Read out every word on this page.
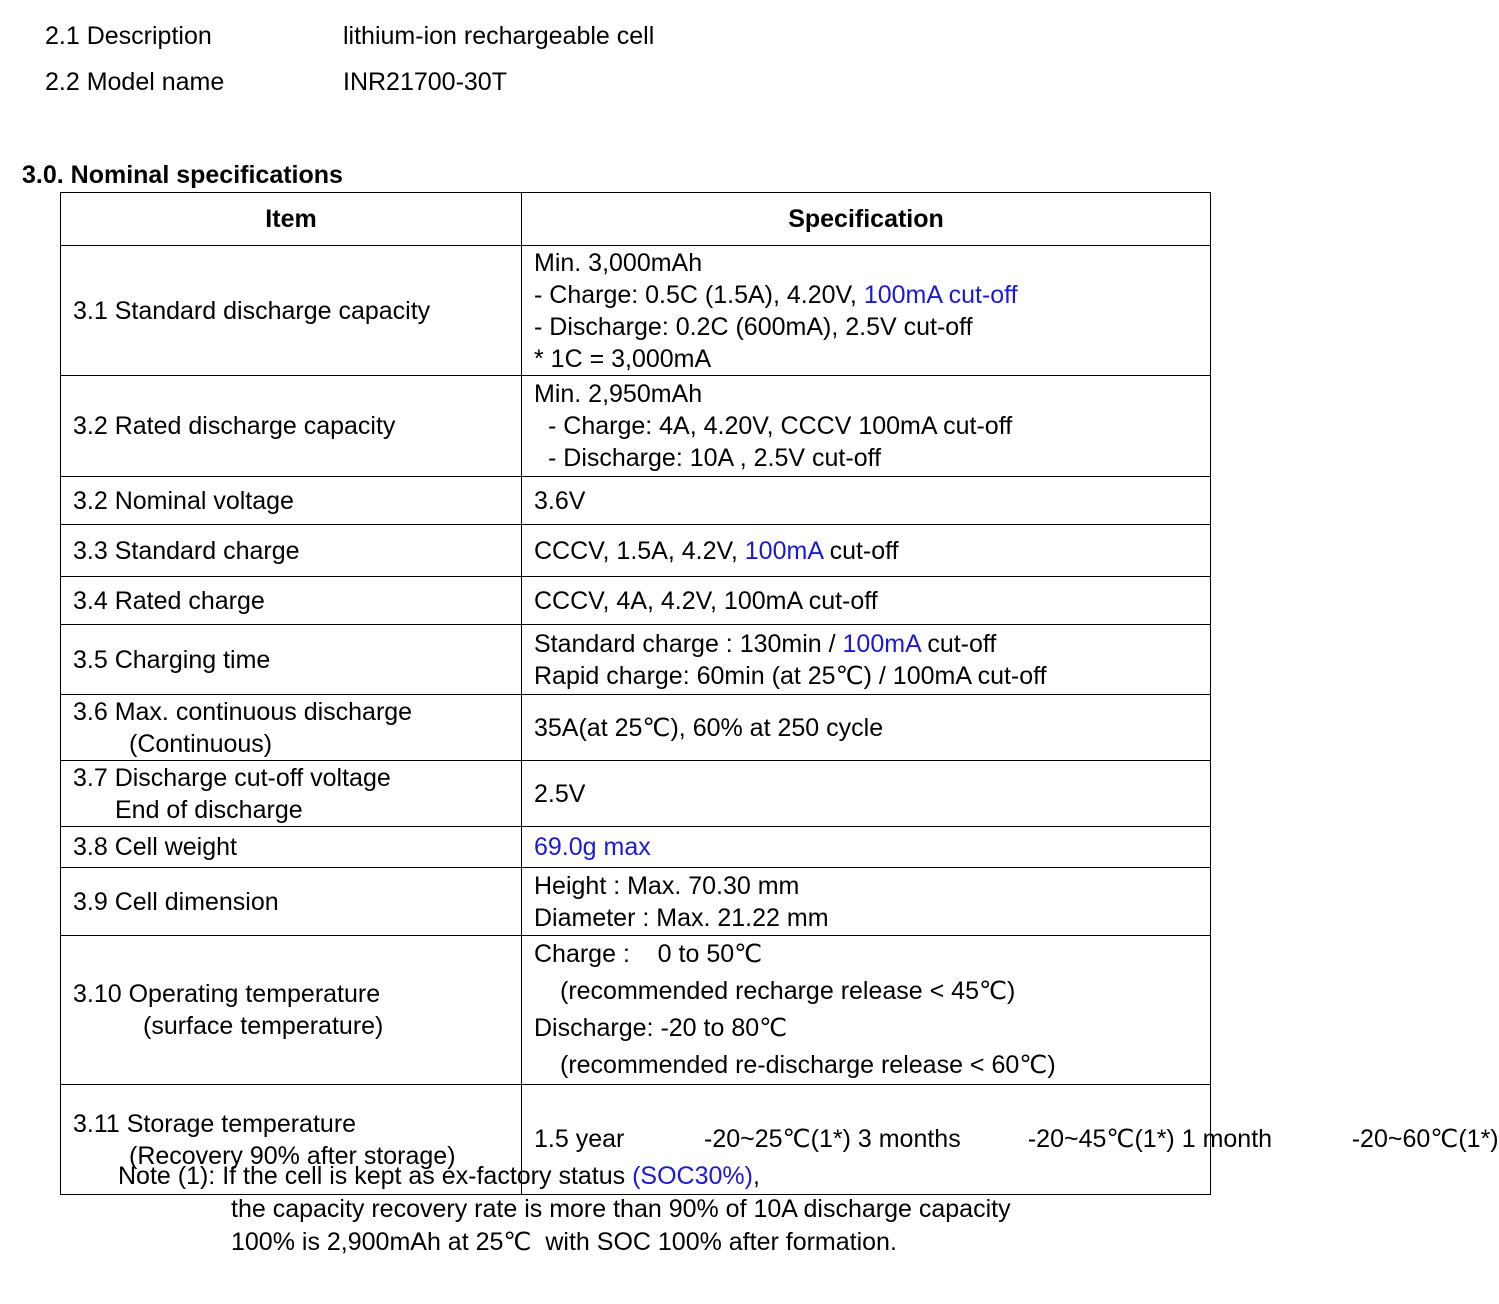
2.1 Description	lithium-ion rechargeable cell
2.2 Model name	INR21700-30T
3.0. Nominal specifications
Item	Specification
3.1 Standard discharge capacity	Min. 3,000mAh
- Charge: 0.5C (1.5A), 4.20V, 100mA cut-off
- Discharge: 0.2C (600mA), 2.5V cut-off
* 1C = 3,000mA

3.2 Rated discharge capacity	Min. 2,950mAh
- Charge: 4A, 4.20V, CCCV 100mA cut-off
- Discharge: 10A , 2.5V cut-off

3.2 Nominal voltage	3.6V
3.3 Standard charge	CCCV, 1.5A, 4.2V, 100mA cut-off
3.4 Rated charge	CCCV, 4A, 4.2V, 100mA cut-off
3.5 Charging time	Standard charge : 130min / 100mA cut-off
Rapid charge: 60min (at 25℃) / 100mA cut-off

3.6 Max. continuous discharge
(Continuous)	35A(at 25℃), 60% at 250 cycle

3.7 Discharge cut-off voltage
End of discharge	2.5V
3.8 Cell weight	69.0g max
3.9 Cell dimension	Height : Max. 70.30 mm
Diameter : Max. 21.22 mm

3.10 Operating temperature
(surface temperature)	Charge :    0 to 50℃
(recommended recharge release < 45℃)
Discharge: -20 to 80℃
(recommended re-discharge release < 60℃)

3.11 Storage temperature
(Recovery 90% after storage)	1.5 year -20~25℃(1*) 3 months -20~45℃(1*) 1 month -20~60℃(1*)
Note (1): If the cell is kept as ex-factory status (SOC30%),
the capacity recovery rate is more than 90% of 10A discharge capacity
100% is 2,900mAh at 25℃  with SOC 100% after formation.
